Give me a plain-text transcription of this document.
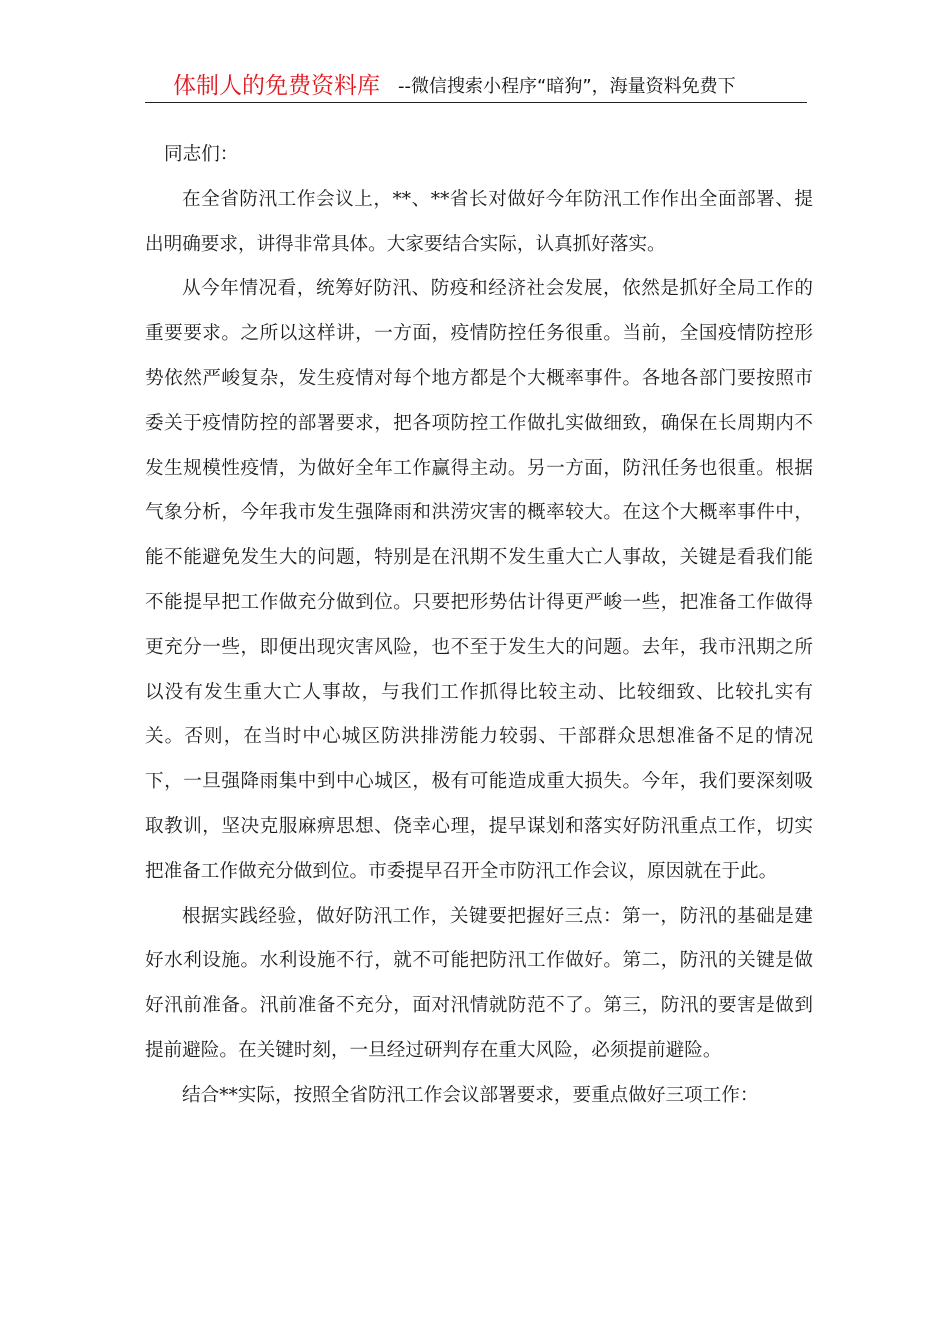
体制人的免费资料库 --微信搜索小程序“暗狗”，海量资料免费下

同志们：

在全省防汛工作会议上，**、**省长对做好今年防汛工作作出全面部署、提出明确要求，讲得非常具体。大家要结合实际，认真抓好落实。

从今年情况看，统筹好防汛、防疫和经济社会发展，依然是抓好全局工作的重要要求。之所以这样讲，一方面，疫情防控任务很重。当前，全国疫情防控形势依然严峻复杂，发生疫情对每个地方都是个大概率事件。各地各部门要按照市委关于疫情防控的部署要求，把各项防控工作做扎实做细致，确保在长周期内不发生规模性疫情，为做好全年工作赢得主动。另一方面，防汛任务也很重。根据气象分析，今年我市发生强降雨和洪涝灾害的概率较大。在这个大概率事件中，能不能避免发生大的问题，特别是在汛期不发生重大亡人事故，关键是看我们能不能提早把工作做充分做到位。只要把形势估计得更严峻一些，把准备工作做得更充分一些，即便出现灾害风险，也不至于发生大的问题。去年，我市汛期之所以没有发生重大亡人事故，与我们工作抓得比较主动、比较细致、比较扎实有关。否则，在当时中心城区防洪排涝能力较弱、干部群众思想准备不足的情况下，一旦强降雨集中到中心城区，极有可能造成重大损失。今年，我们要深刻吸取教训，坚决克服麻痹思想、侥幸心理，提早谋划和落实好防汛重点工作，切实把准备工作做充分做到位。市委提早召开全市防汛工作会议，原因就在于此。

根据实践经验，做好防汛工作，关键要把握好三点：第一，防汛的基础是建好水利设施。水利设施不行，就不可能把防汛工作做好。第二，防汛的关键是做好汛前准备。汛前准备不充分，面对汛情就防范不了。第三，防汛的要害是做到提前避险。在关键时刻，一旦经过研判存在重大风险，必须提前避险。

结合**实际，按照全省防汛工作会议部署要求，要重点做好三项工作：
